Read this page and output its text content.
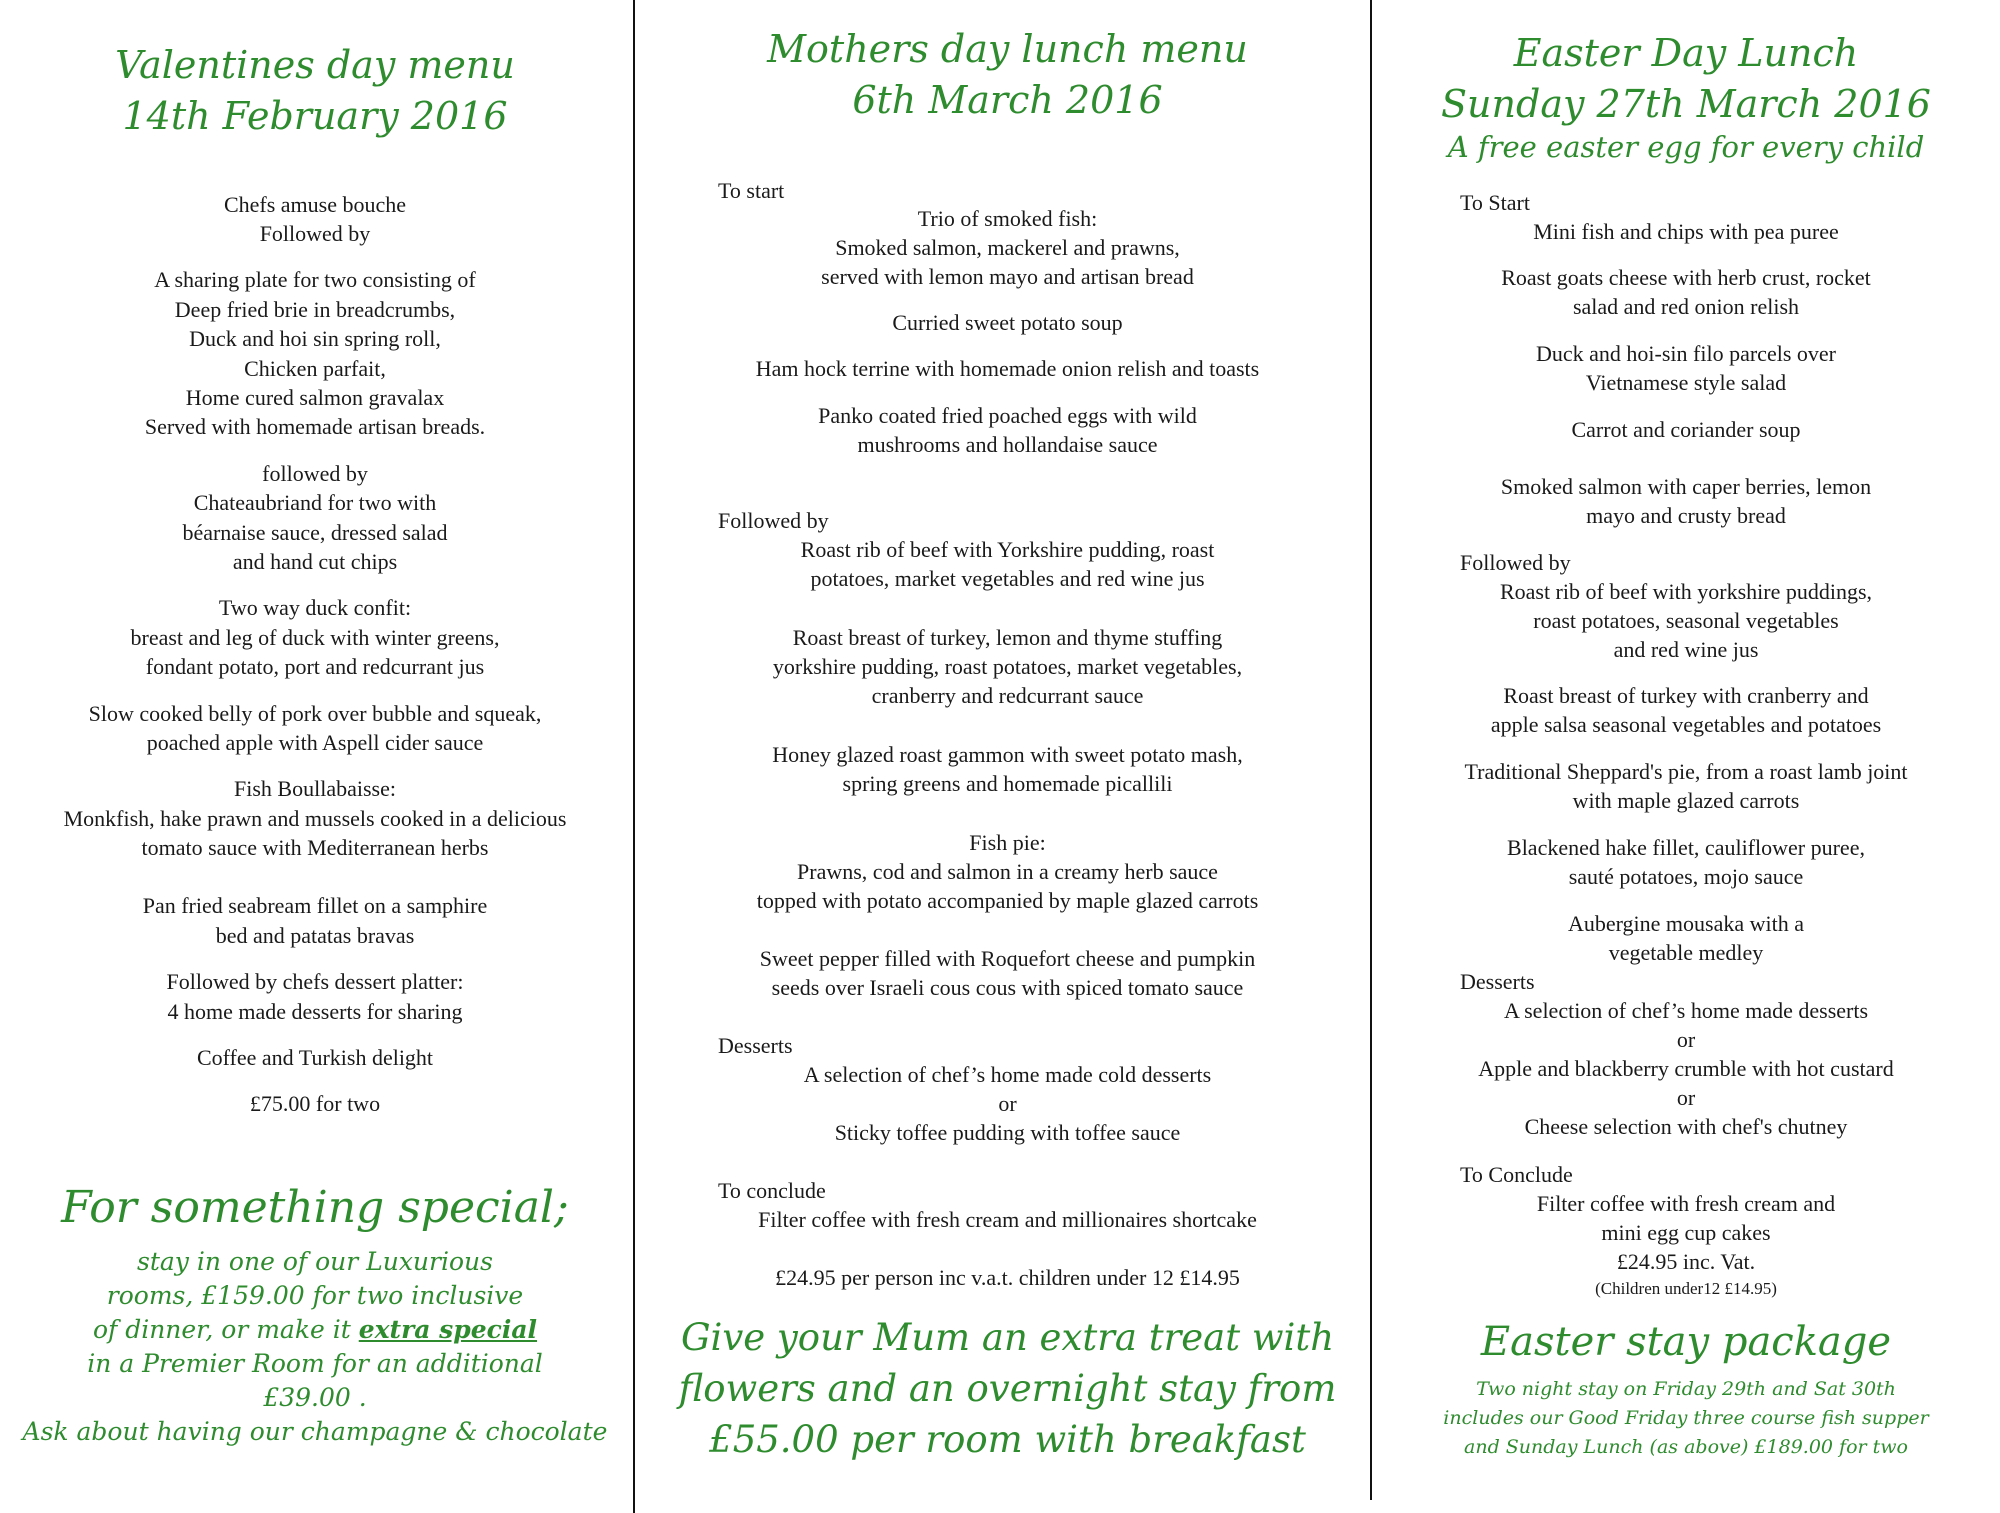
Valentines day menu
14th February 2016
Chefs amuse bouche
Followed by
A sharing plate for two consisting of
Deep fried brie in breadcrumbs,
Duck and hoi sin spring roll,
Chicken parfait,
Home cured salmon gravalax
Served with homemade artisan breads.
followed by
Chateaubriand for two with
béarnaise sauce, dressed salad
and hand cut chips
Two way duck confit:
breast and leg of duck with winter greens,
fondant potato, port and redcurrant jus
Slow cooked belly of pork over bubble and squeak,
poached apple with Aspell cider sauce
Fish Boullabaisse:
Monkfish, hake prawn and mussels cooked in a delicious
tomato sauce with Mediterranean herbs
Pan fried seabream fillet on a samphire
bed and patatas bravas
Followed by chefs dessert platter:
4 home made desserts for sharing
Coffee and Turkish delight
£75.00 for two
For something special;
stay in one of our Luxurious
rooms, £159.00 for two inclusive
of dinner, or make it extra special
in a Premier Room for an additional
£39.00 .
Ask about having our champagne & chocolate
Mothers day lunch menu
6th March 2016
To start
Trio of smoked fish:
Smoked salmon, mackerel and prawns,
served with lemon mayo and artisan bread
Curried sweet potato soup
Ham hock terrine with homemade onion relish and toasts
Panko coated fried poached eggs with wild
mushrooms and hollandaise sauce
Followed by
Roast rib of beef with Yorkshire pudding, roast
potatoes, market vegetables and red wine jus
Roast breast of turkey, lemon and thyme stuffing
yorkshire pudding, roast potatoes, market vegetables,
cranberry and redcurrant sauce
Honey glazed roast gammon with sweet potato mash,
spring greens and homemade picallili
Fish pie:
Prawns, cod and salmon in a creamy herb sauce
topped with potato accompanied by maple glazed carrots
Sweet pepper filled with Roquefort cheese and pumpkin
seeds over Israeli cous cous with spiced tomato sauce
Desserts
A selection of chef’s home made cold desserts
or
Sticky toffee pudding with toffee sauce
To conclude
Filter coffee with fresh cream and millionaires shortcake
£24.95 per person inc v.a.t. children under 12 £14.95
Give your Mum an extra treat with
flowers and an overnight stay from
£55.00 per room with breakfast
Easter Day Lunch
Sunday 27th March 2016
A free easter egg for every child
To Start
Mini fish and chips with pea puree
Roast goats cheese with herb crust, rocket
salad and red onion relish
Duck and hoi-sin filo parcels over
Vietnamese style salad
Carrot and coriander soup
Smoked salmon with caper berries, lemon
mayo and crusty bread
Followed by
Roast rib of beef with yorkshire puddings,
roast potatoes, seasonal vegetables
and red wine jus
Roast breast of turkey with cranberry and
apple salsa seasonal vegetables and potatoes
Traditional Sheppard's pie, from a roast lamb joint
with maple glazed carrots
Blackened hake fillet, cauliflower puree,
sauté potatoes, mojo sauce
Aubergine mousaka with a
vegetable medley
Desserts
A selection of chef’s home made desserts
or
Apple and blackberry crumble with hot custard
or
Cheese selection with chef's chutney
To Conclude
Filter coffee with fresh cream and
mini egg cup cakes
£24.95 inc. Vat.
(Children under12 £14.95)
Easter stay package
Two night stay on Friday 29th and Sat 30th
includes our Good Friday three course fish supper
and Sunday Lunch (as above) £189.00 for two
